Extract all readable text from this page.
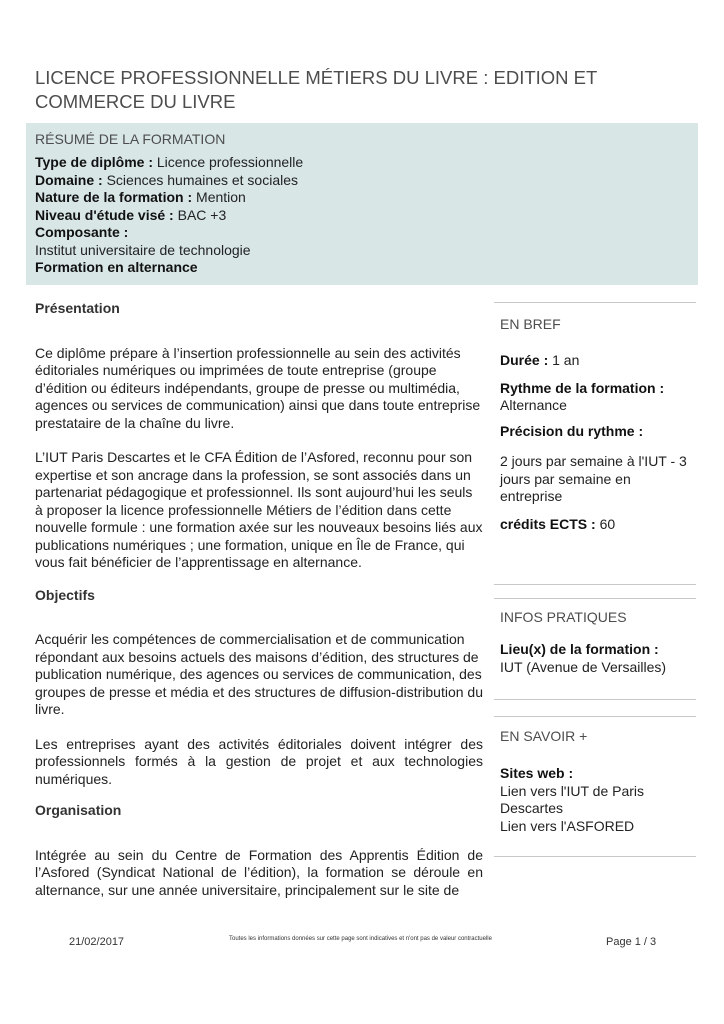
LICENCE PROFESSIONNELLE MÉTIERS DU LIVRE : EDITION ET COMMERCE DU LIVRE
RÉSUMÉ DE LA FORMATION
Type de diplôme : Licence professionnelle
Domaine : Sciences humaines et sociales
Nature de la formation : Mention
Niveau d'étude visé : BAC +3
Composante :
Institut universitaire de technologie
Formation en alternance
Présentation

Ce diplôme prépare à l’insertion professionnelle au sein des activités éditoriales numériques ou imprimées de toute entreprise (groupe d’édition ou éditeurs indépendants, groupe de presse ou multimédia, agences ou services de communication) ainsi que dans toute entreprise prestataire de la chaîne du livre.

L’IUT Paris Descartes et le CFA Édition de l’Asfored, reconnu pour son expertise et son ancrage dans la profession, se sont associés dans un partenariat pédagogique et professionnel. Ils sont aujourd’hui les seuls à proposer la licence professionnelle Métiers de l’édition dans cette nouvelle formule : une formation axée sur les nouveaux besoins liés aux publications numériques ; une formation, unique en Île de France, qui vous fait bénéficier de l’apprentissage en alternance.

Objectifs

Acquérir les compétences de commercialisation et de communication répondant aux besoins actuels des maisons d’édition, des structures de publication numérique, des agences ou services de communication, des groupes de presse et média et des structures de diffusion-distribution du livre.

Les entreprises ayant des activités éditoriales doivent intégrer des professionnels formés à la gestion de projet et aux technologies numériques.

Organisation

Intégrée au sein du Centre de Formation des Apprentis Édition de l’Asfored (Syndicat National de l’édition), la formation se déroule en alternance, sur une année universitaire, principalement sur le site de

EN BREF
Durée : 1 an
Rythme de la formation :
Alternance
Précision du rythme :
2 jours par semaine à l'IUT - 3 jours par semaine en entreprise
crédits ECTS : 60
INFOS PRATIQUES
Lieu(x) de la formation :
IUT (Avenue de Versailles)
EN SAVOIR +
Sites web :
Lien vers l'IUT de Paris Descartes
Lien vers l'ASFORED
21/02/2017	Toutes les informations données sur cette page sont indicatives et n'ont pas de valeur contractuelle	Page 1 / 3
